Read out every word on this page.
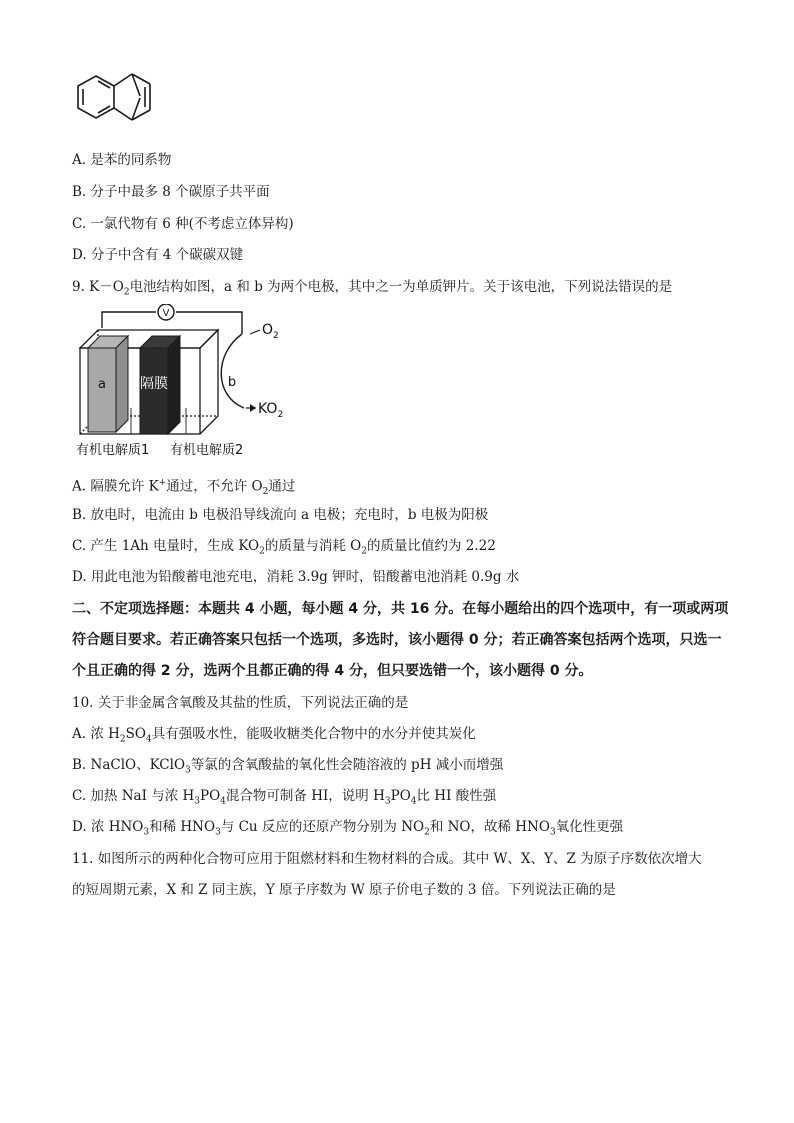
A. 是苯的同系物
B. 分子中最多 8 个碳原子共平面
C. 一氯代物有 6 种(不考虑立体异构)
D. 分子中含有 4 个碳碳双键
9. $K-O_2$电池结构如图，a 和 b 为两个电极，其中之一为单质钾片。关于该电池，下列说法错误的是
V
a 隔膜	b
$O_2$
$KO_2$
有机电解质1 有机电解质2
A. 隔膜允许 K+通过，不允许 $O_2$通过
B. 放电时，电流由 b 电极沿导线流向 a 电极；充电时，b 电极为阳极
C. 产生 1Ah 电量时，生成 $KO_2$的质量与消耗 $O_2$的质量比值约为 2.22
D. 用此电池为铅酸蓄电池充电，消耗 3.9g 钾时，铅酸蓄电池消耗 0.9g 水
二、不定项选择题：本题共 4 小题，每小题 4 分，共 16 分。在每小题给出的四个选项中，有一项或两项
符合题目要求。若正确答案只包括一个选项，多选时，该小题得 0 分；若正确答案包括两个选项，只选一
个且正确的得 2 分，选两个且都正确的得 4 分，但只要选错一个，该小题得 0 分。
10. 关于非金属含氧酸及其盐的性质，下列说法正确的是
A. 浓 $H_2SO_4$具有强吸水性，能吸收糖类化合物中的水分并使其炭化
B. NaClO、KClO$_3$等氯的含氧酸盐的氧化性会随溶液的 pH 减小而增强
C. 加热 NaI 与浓 $H_3PO_4$混合物可制备 HI，说明 $H_3PO_4$比 HI 酸性强
D. 浓 $HNO_3$和稀 $HNO_3$与 Cu 反应的还原产物分别为 $NO_2$和 NO，故稀 $HNO_3$氧化性更强
11. 如图所示的两种化合物可应用于阻燃材料和生物材料的合成。其中 W、X、Y、Z 为原子序数依次增大
的短周期元素，X 和 Z 同主族，Y 原子序数为 W 原子价电子数的 3 倍。下列说法正确的是
